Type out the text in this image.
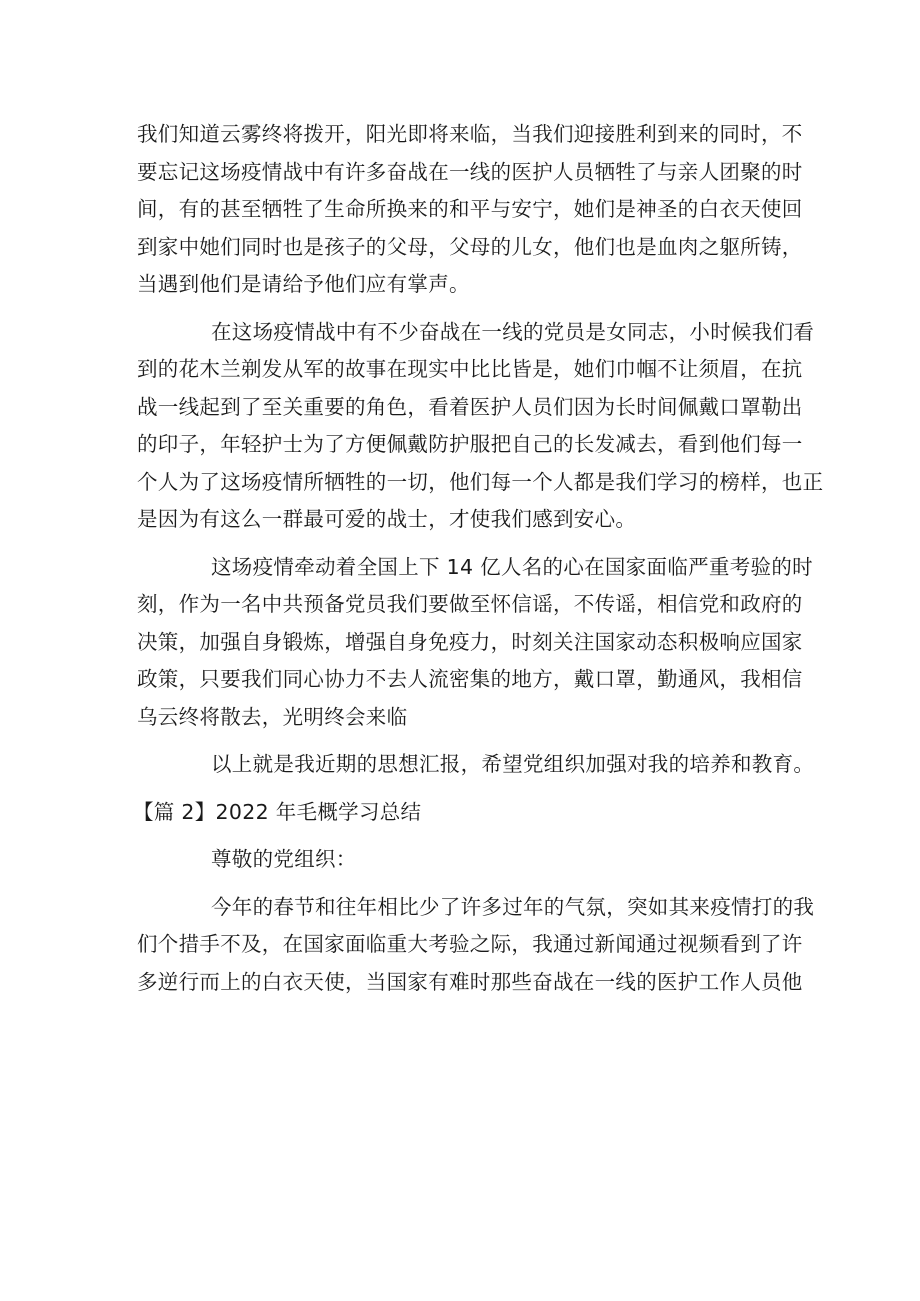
我们知道云雾终将拨开，阳光即将来临，当我们迎接胜利到来的同时，不
要忘记这场疫情战中有许多奋战在一线的医护人员牺牲了与亲人团聚的时
间，有的甚至牺牲了生命所换来的和平与安宁，她们是神圣的白衣天使回
到家中她们同时也是孩子的父母，父母的儿女，他们也是血肉之躯所铸，
当遇到他们是请给予他们应有掌声。
在这场疫情战中有不少奋战在一线的党员是女同志，小时候我们看
到的花木兰剃发从军的故事在现实中比比皆是，她们巾帼不让须眉，在抗
战一线起到了至关重要的角色，看着医护人员们因为长时间佩戴口罩勒出
的印子，年轻护士为了方便佩戴防护服把自己的长发减去，看到他们每一
个人为了这场疫情所牺牲的一切，他们每一个人都是我们学习的榜样，也正
是因为有这么一群最可爱的战士，才使我们感到安心。
这场疫情牵动着全国上下 14 亿人名的心在国家面临严重考验的时
刻，作为一名中共预备党员我们要做至怀信谣，不传谣，相信党和政府的
决策，加强自身锻炼，增强自身免疫力，时刻关注国家动态积极响应国家
政策，只要我们同心协力不去人流密集的地方，戴口罩，勤通风，我相信
乌云终将散去，光明终会来临
以上就是我近期的思想汇报，希望党组织加强对我的培养和教育。
【篇 2】2022 年毛概学习总结
尊敬的党组织：
今年的春节和往年相比少了许多过年的气氛，突如其来疫情打的我
们个措手不及，在国家面临重大考验之际，我通过新闻通过视频看到了许
多逆行而上的白衣天使，当国家有难时那些奋战在一线的医护工作人员他
